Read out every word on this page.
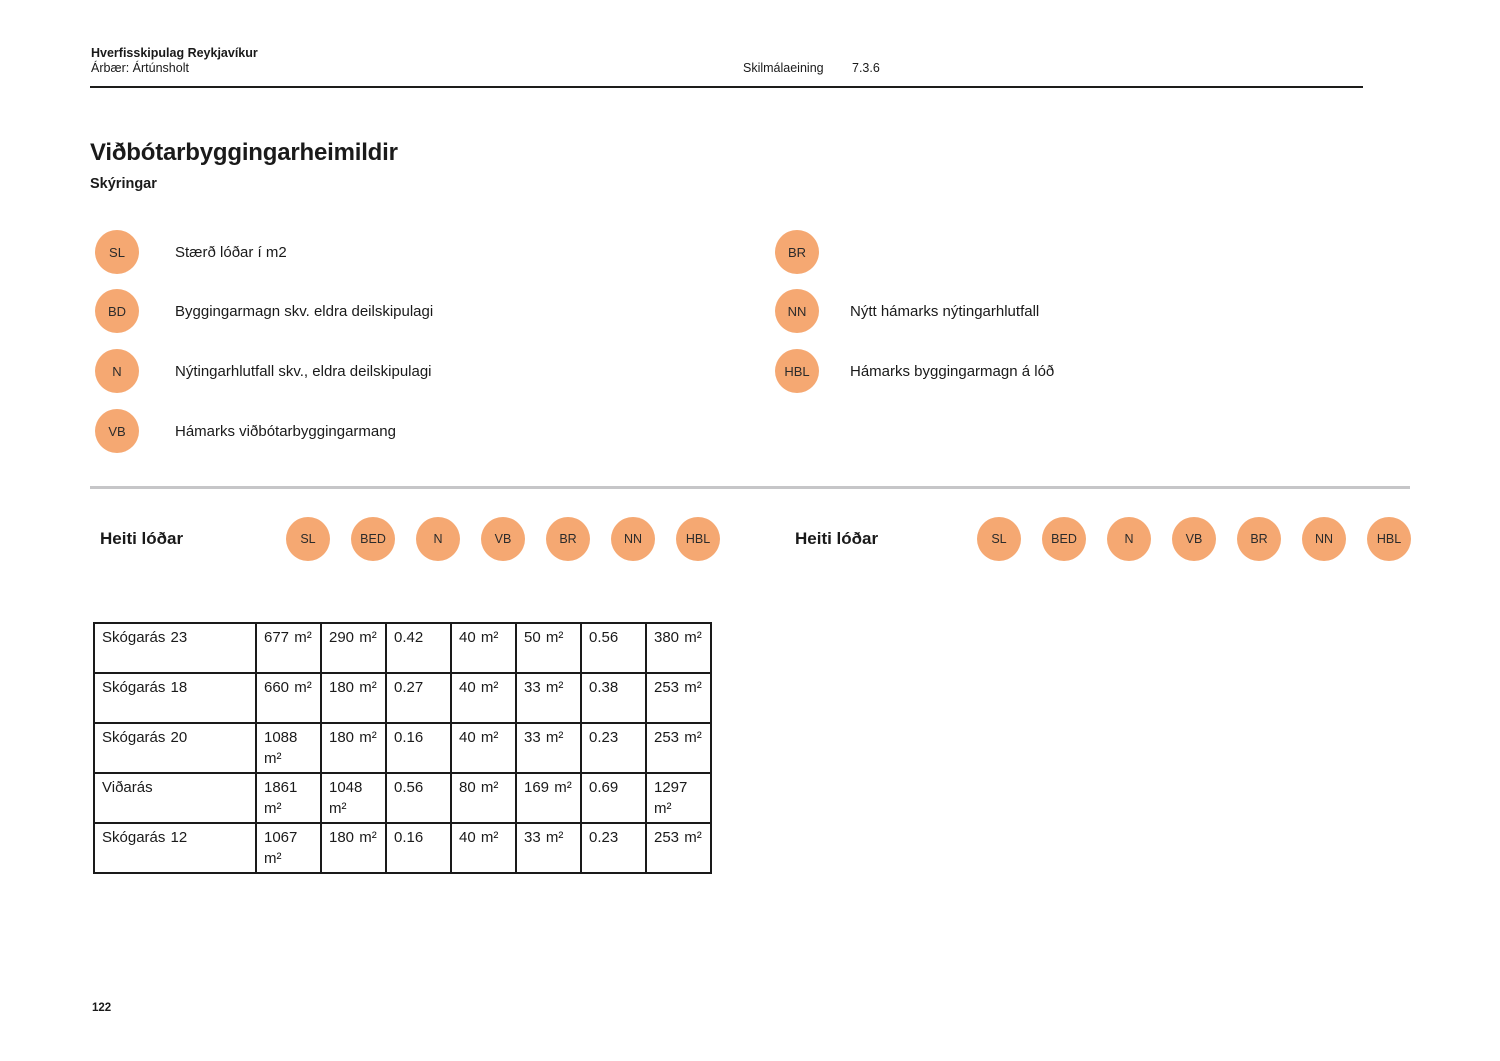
Hverfisskipulag Reykjavíkur
Árbær: Ártúnsholt	Skilmálaeining 7.3.6
Viðbótarbyggingarheimildir
Skýringar
SL	Stærð lóðar í m2
BD	Byggingarmagn skv. eldra deilskipulagi
N	Nýtingarhlutfall skv., eldra deilskipulagi
VB	Hámarks viðbótarbyggingarmang
BR
NN	Nýtt hámarks nýtingarhlutfall
HBL	Hámarks byggingarmagn á lóð
Heiti lóðar	SL	BED	N	VB	BR	NN	HBL	Heiti lóðar	SL	BED	N	VB	BR	NN	HBL
Skógarás 23	677 m²	290 m²	0.42	40 m²	50 m²	0.56	380 m²
Skógarás 18	660 m²	180 m²	0.27	40 m²	33 m²	0.38	253 m²
Skógarás 20	1088 m²	180 m²	0.16	40 m²	33 m²	0.23	253 m²
Viðarás	1861 m²	1048 m²	0.56	80 m²	169 m²	0.69	1297 m²
Skógarás 12	1067 m²	180 m²	0.16	40 m²	33 m²	0.23	253 m²
122
